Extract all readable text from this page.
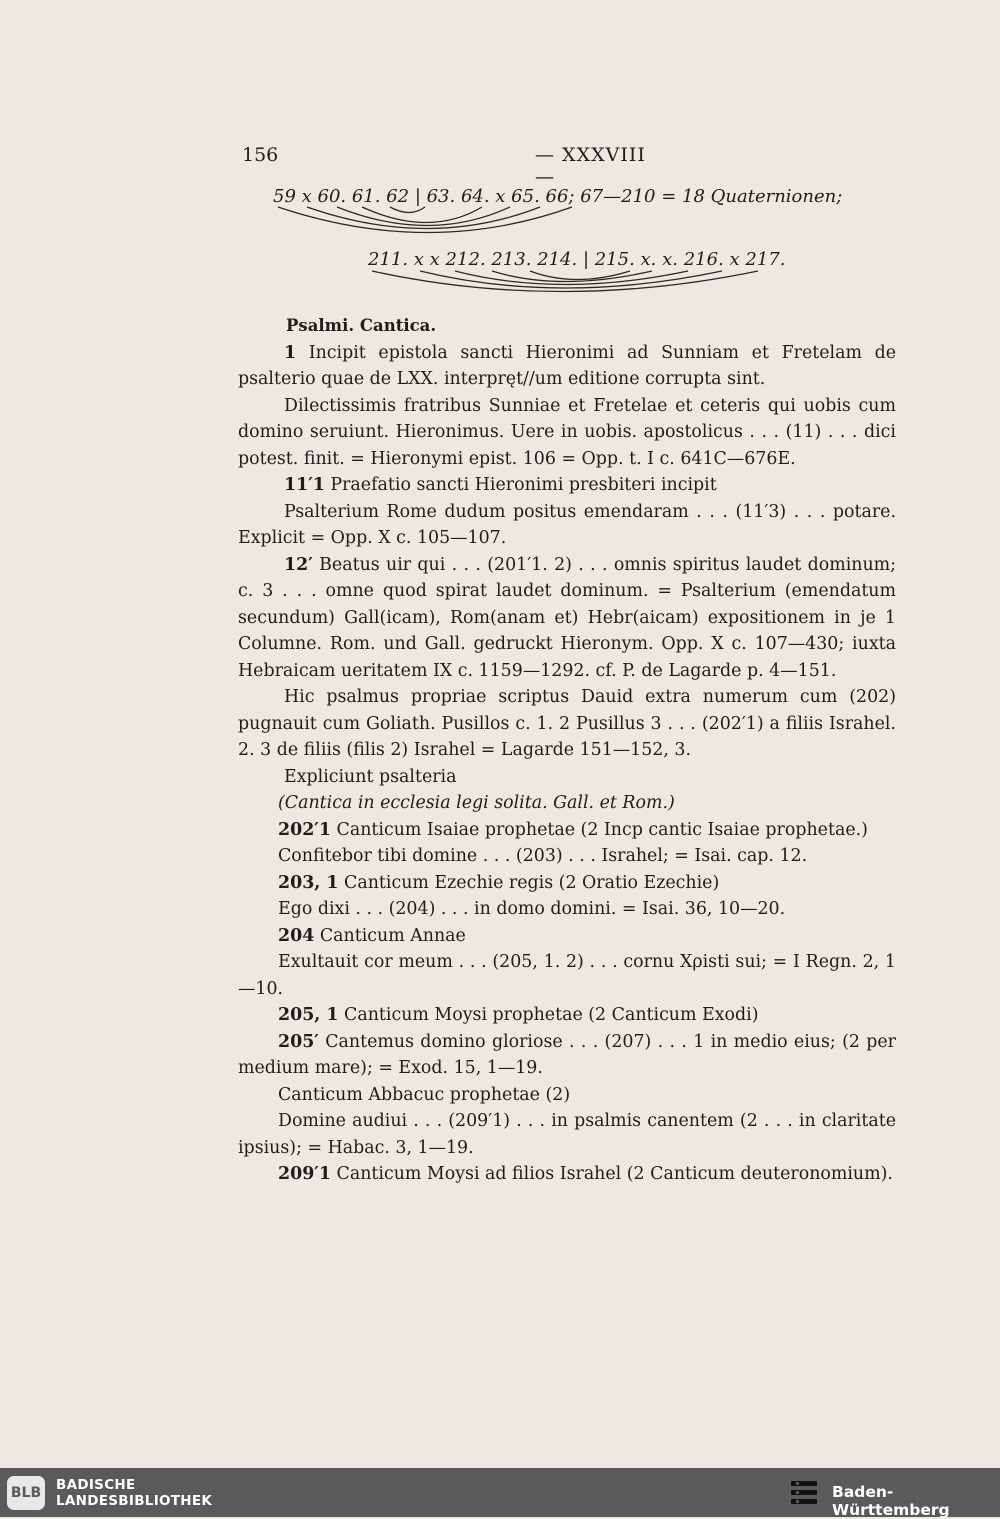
156	— XXXVIII —
59 x 60. 61. 62 | 63. 64. x 65. 66; 67—210 = 18 Quaternionen;
211. x x 212. 213. 214. | 215. x. x. 216. x 217.

Psalmi. Cantica.

1 Incipit epistola sancti Hieronimi ad Sunniam et Fretelam de psalterio quae de LXX. interpręt//um editione corrupta sint.

Dilectissimis fratribus Sunniae et Fretelae et ceteris qui uobis cum domino seruiunt. Hieronimus. Uere in uobis. apostolicus . . . (11) . . . dici potest. finit. = Hieronymi epist. 106 = Opp. t. I c. 641C—676E.

11′1 Praefatio sancti Hieronimi presbiteri incipit

Psalterium Rome dudum positus emendaram . . . (11′3) . . . potare. Explicit = Opp. X c. 105—107.

12′ Beatus uir qui . . . (201′1. 2) . . . omnis spiritus laudet dominum; c. 3 . . . omne quod spirat laudet dominum. = Psalterium (emendatum secundum) Gall(icam), Rom(anam et) Hebr(aicam) expositionem in je 1 Columne. Rom. und Gall. gedruckt Hieronym. Opp. X c. 107—430; iuxta Hebraicam ueritatem IX c. 1159—1292. cf. P. de Lagarde p. 4—151.

Hic psalmus propriae scriptus Dauid extra numerum cum (202) pugnauit cum Goliath. Pusillos c. 1. 2 Pusillus 3 . . . (202′1) a filiis Israhel. 2. 3 de filiis (filis 2) Israhel = Lagarde 151—152, 3.

Expliciunt psalteria

(Cantica in ecclesia legi solita. Gall. et Rom.)

202′1 Canticum Isaiae prophetae (2 Incp cantic Isaiae prophetae.)

Confitebor tibi domine . . . (203) . . . Israhel; = Isai. cap. 12.

203, 1 Canticum Ezechie regis (2 Oratio Ezechie)

Ego dixi . . . (204) . . . in domo domini. = Isai. 36, 10—20.

204 Canticum Annae

Exultauit cor meum . . . (205, 1. 2) . . . cornu Xρisti sui; = I Regn. 2, 1—10.

205, 1 Canticum Moysi prophetae (2 Canticum Exodi)

205′ Cantemus domino gloriose . . . (207) . . . 1 in medio eius; (2 per medium mare); = Exod. 15, 1—19.

Canticum Abbacuc prophetae (2)

Domine audiui . . . (209′1) . . . in psalmis canentem (2 . . . in claritate ipsius); = Habac. 3, 1—19.

209′1 Canticum Moysi ad filios Israhel (2 Canticum deuteronomium).

BLB BADISCHE
LANDESBIBLIOTHEK	Baden-Württemberg
